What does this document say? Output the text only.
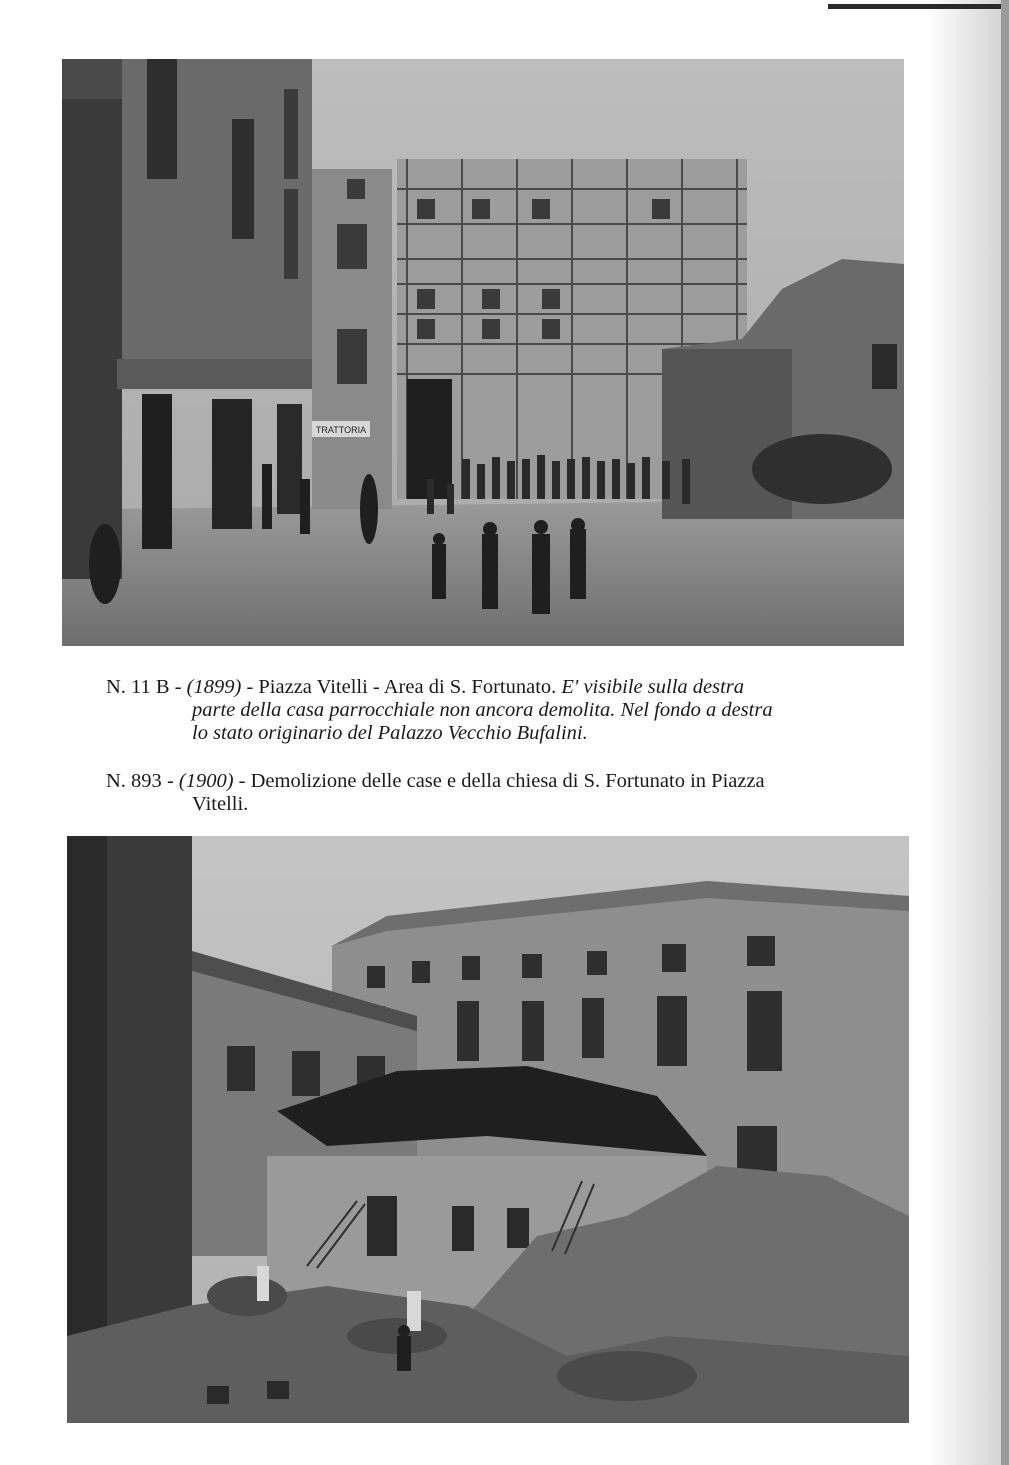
TRATTORIA
N. 11 B - (1899) - Piazza Vitelli - Area di S. Fortunato. E' visibile sulla destra
parte della casa parrocchiale non ancora demolita. Nel fondo a destra
lo stato originario del Palazzo Vecchio Bufalini.
N. 893 - (1900) - Demolizione delle case e della chiesa di S. Fortunato in Piazza
Vitelli.
